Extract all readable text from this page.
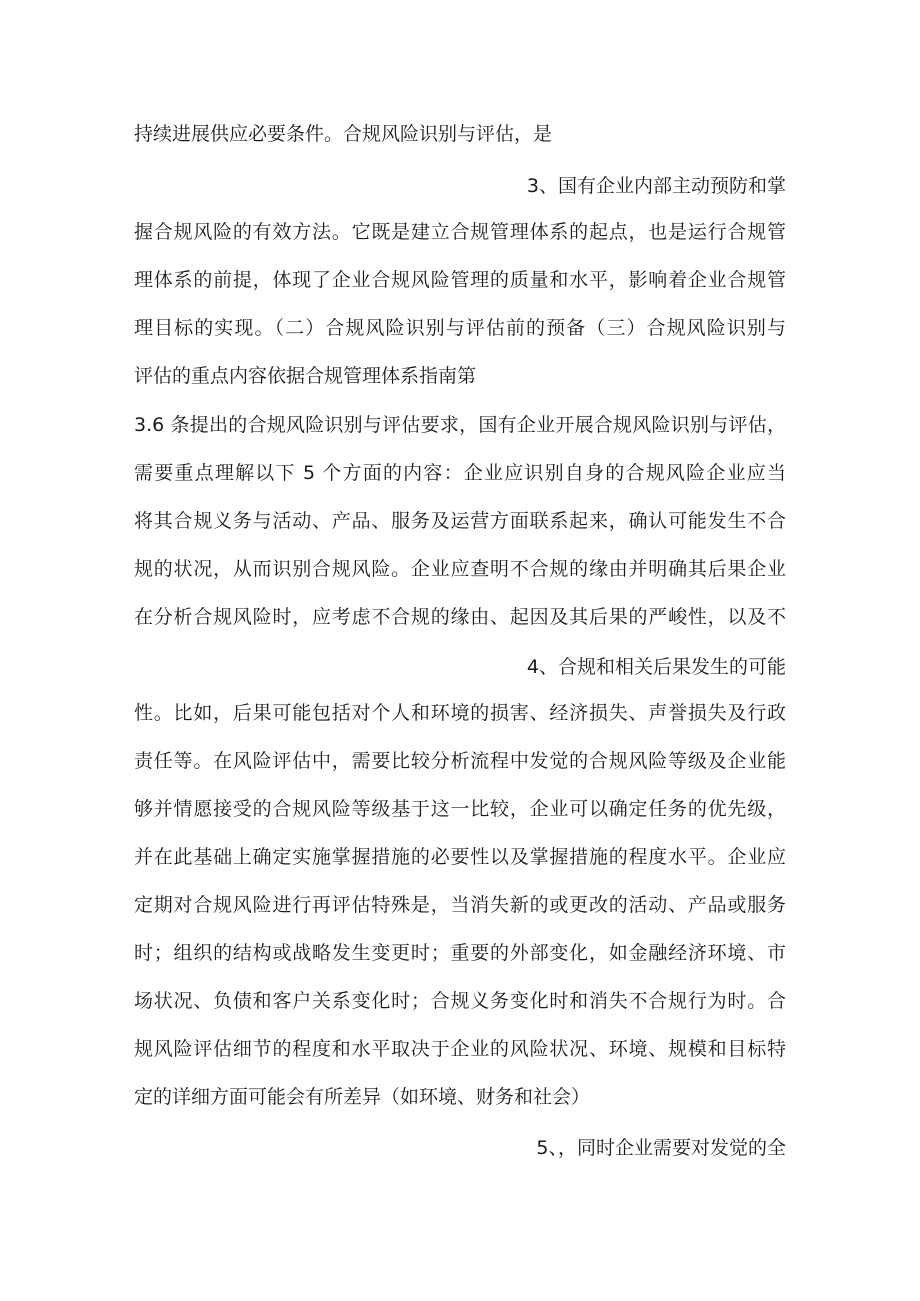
持续进展供应必要条件。合规风险识别与评估，是
3、国有企业内部主动预防和掌
握合规风险的有效方法。它既是建立合规管理体系的起点，也是运行合规管
理体系的前提，体现了企业合规风险管理的质量和水平，影响着企业合规管
理目标的实现。（二）合规风险识别与评估前的预备（三）合规风险识别与
评估的重点内容依据合规管理体系指南第
3.6 条提出的合规风险识别与评估要求，国有企业开展合规风险识别与评估，
需要重点理解以下 5 个方面的内容：企业应识别自身的合规风险企业应当
将其合规义务与活动、产品、服务及运营方面联系起来，确认可能发生不合
规的状况，从而识别合规风险。企业应查明不合规的缘由并明确其后果企业
在分析合规风险时，应考虑不合规的缘由、起因及其后果的严峻性，以及不
4、合规和相关后果发生的可能
性。比如，后果可能包括对个人和环境的损害、经济损失、声誉损失及行政
责任等。在风险评估中，需要比较分析流程中发觉的合规风险等级及企业能
够并情愿接受的合规风险等级基于这一比较，企业可以确定任务的优先级，
并在此基础上确定实施掌握措施的必要性以及掌握措施的程度水平。企业应
定期对合规风险进行再评估特殊是，当消失新的或更改的活动、产品或服务
时；组织的结构或战略发生变更时；重要的外部变化，如金融经济环境、市
场状况、负债和客户关系变化时；合规义务变化时和消失不合规行为时。合
规风险评估细节的程度和水平取决于企业的风险状况、环境、规模和目标特
定的详细方面可能会有所差异（如环境、财务和社会）
5、，同时企业需要对发觉的全
